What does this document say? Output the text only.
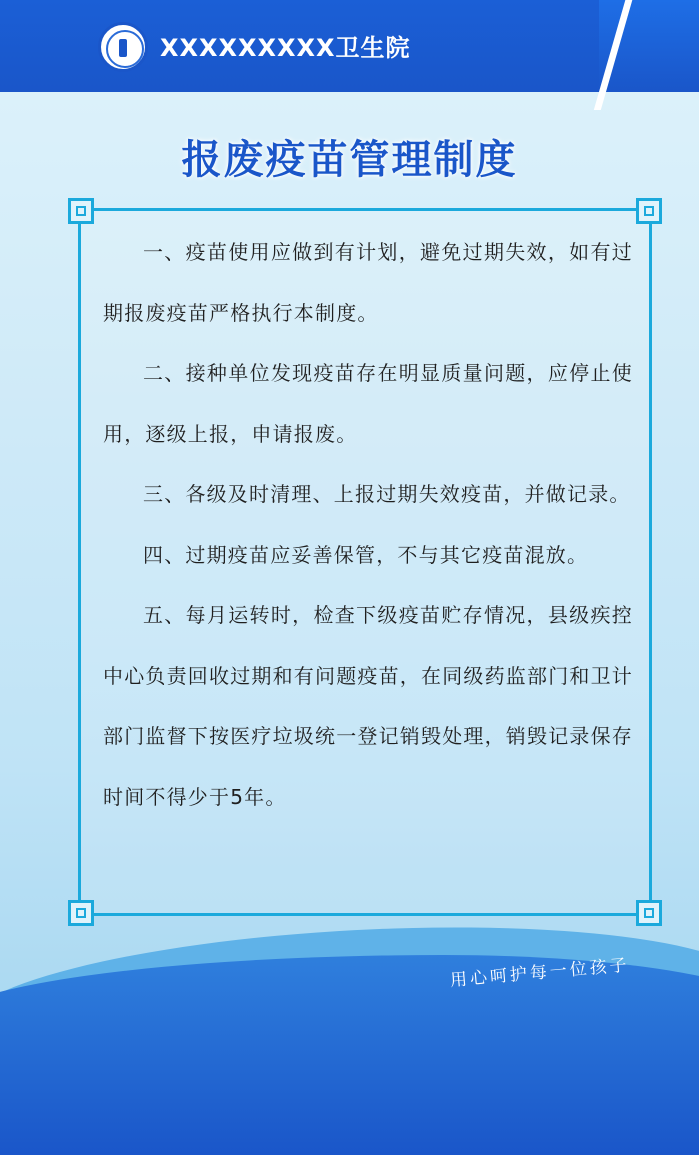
XXXXXXXXX卫生院
报废疫苗管理制度

一、疫苗使用应做到有计划，避免过期失效，如有过期报废疫苗严格执行本制度。

二、接种单位发现疫苗存在明显质量问题，应停止使用，逐级上报，申请报废。

三、各级及时清理、上报过期失效疫苗，并做记录。

四、过期疫苗应妥善保管，不与其它疫苗混放。

五、每月运转时，检查下级疫苗贮存情况，县级疾控中心负责回收过期和有问题疫苗，在同级药监部门和卫计部门监督下按医疗垃圾统一登记销毁处理，销毁记录保存时间不得少于5年。

用心呵护每一位孩子
